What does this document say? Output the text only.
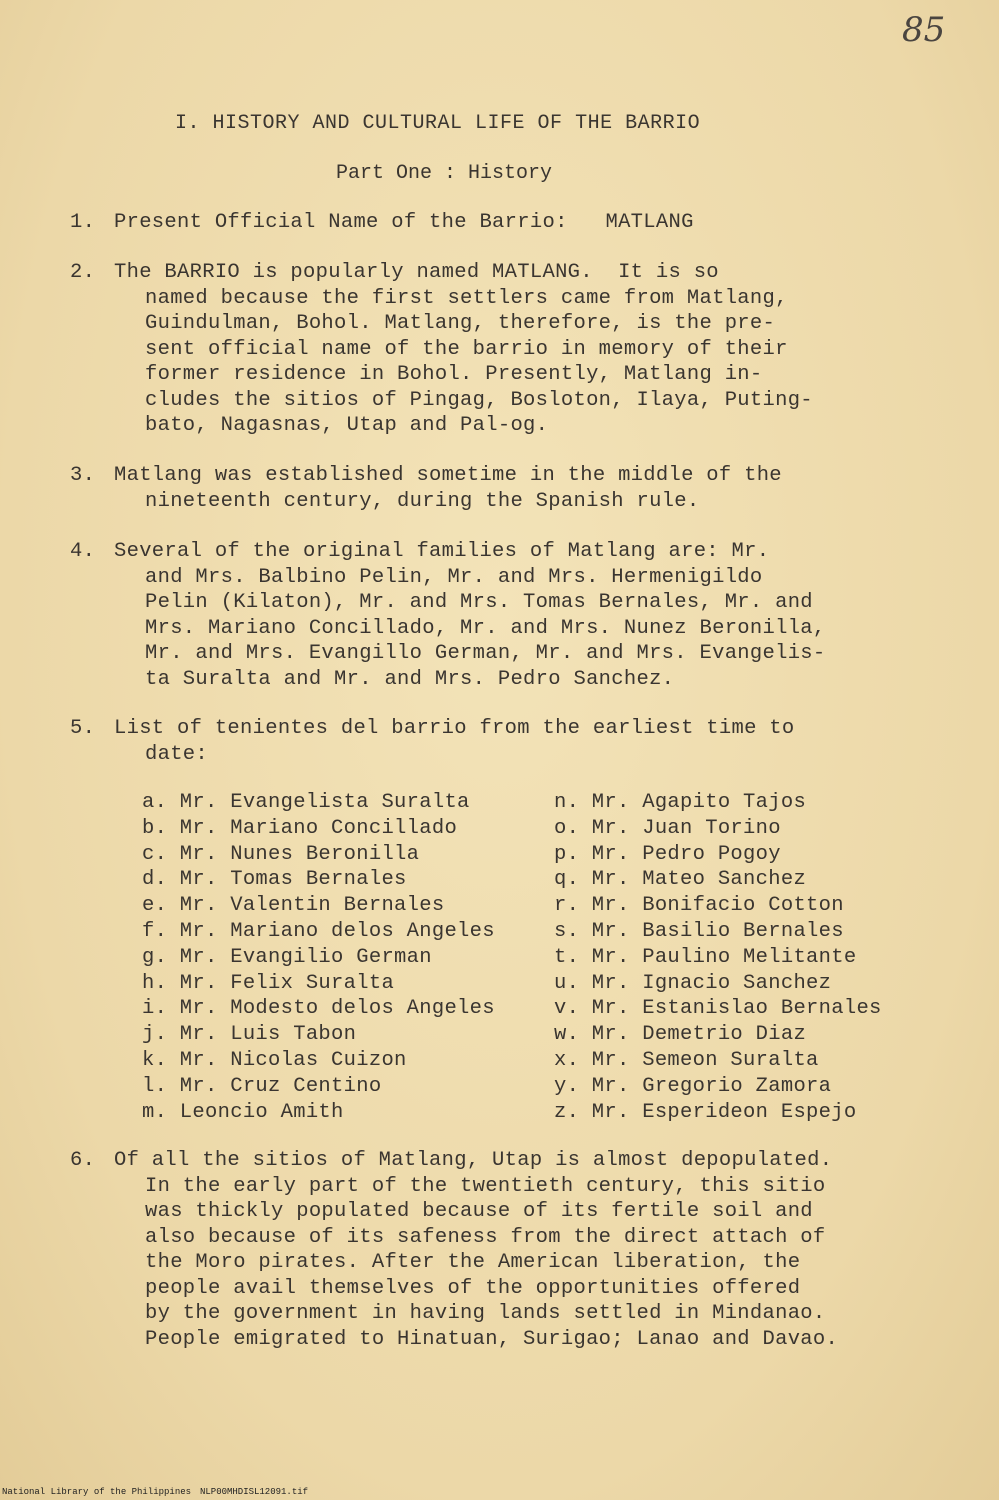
85
I. HISTORY AND CULTURAL LIFE OF THE BARRIO
Part One : History
1. Present Official Name of the Barrio:   MATLANG
2. The BARRIO is popularly named MATLANG.  It is so
named because the first settlers came from Matlang,
Guindulman, Bohol. Matlang, therefore, is the pre-
sent official name of the barrio in memory of their
former residence in Bohol. Presently, Matlang in-
cludes the sitios of Pingag, Bosloton, Ilaya, Puting-
bato, Nagasnas, Utap and Pal-og.
3. Matlang was established sometime in the middle of the
nineteenth century, during the Spanish rule.
4. Several of the original families of Matlang are: Mr.
and Mrs. Balbino Pelin, Mr. and Mrs. Hermenigildo
Pelin (Kilaton), Mr. and Mrs. Tomas Bernales, Mr. and
Mrs. Mariano Concillado, Mr. and Mrs. Nunez Beronilla,
Mr. and Mrs. Evangillo German, Mr. and Mrs. Evangelis-
ta Suralta and Mr. and Mrs. Pedro Sanchez.
5. List of tenientes del barrio from the earliest time to
date:
a. Mr. Evangelista Suralta	n. Mr. Agapito Tajos
b. Mr. Mariano Concillado	o. Mr. Juan Torino
c. Mr. Nunes Beronilla	p. Mr. Pedro Pogoy
d. Mr. Tomas Bernales	q. Mr. Mateo Sanchez
e. Mr. Valentin Bernales	r. Mr. Bonifacio Cotton
f. Mr. Mariano delos Angeles	s. Mr. Basilio Bernales
g. Mr. Evangilio German	t. Mr. Paulino Melitante
h. Mr. Felix Suralta	u. Mr. Ignacio Sanchez
i. Mr. Modesto delos Angeles	v. Mr. Estanislao Bernales
j. Mr. Luis Tabon	w. Mr. Demetrio Diaz
k. Mr. Nicolas Cuizon	x. Mr. Semeon Suralta
l. Mr. Cruz Centino	y. Mr. Gregorio Zamora
m. Leoncio Amith	z. Mr. Esperideon Espejo
6. Of all the sitios of Matlang, Utap is almost depopulated.
In the early part of the twentieth century, this sitio
was thickly populated because of its fertile soil and
also because of its safeness from the direct attach of
the Moro pirates. After the American liberation, the
people avail themselves of the opportunities offered
by the government in having lands settled in Mindanao.
People emigrated to Hinatuan, Surigao; Lanao and Davao.
National Library of the Philippines NLP00MHDISL12091.tif
